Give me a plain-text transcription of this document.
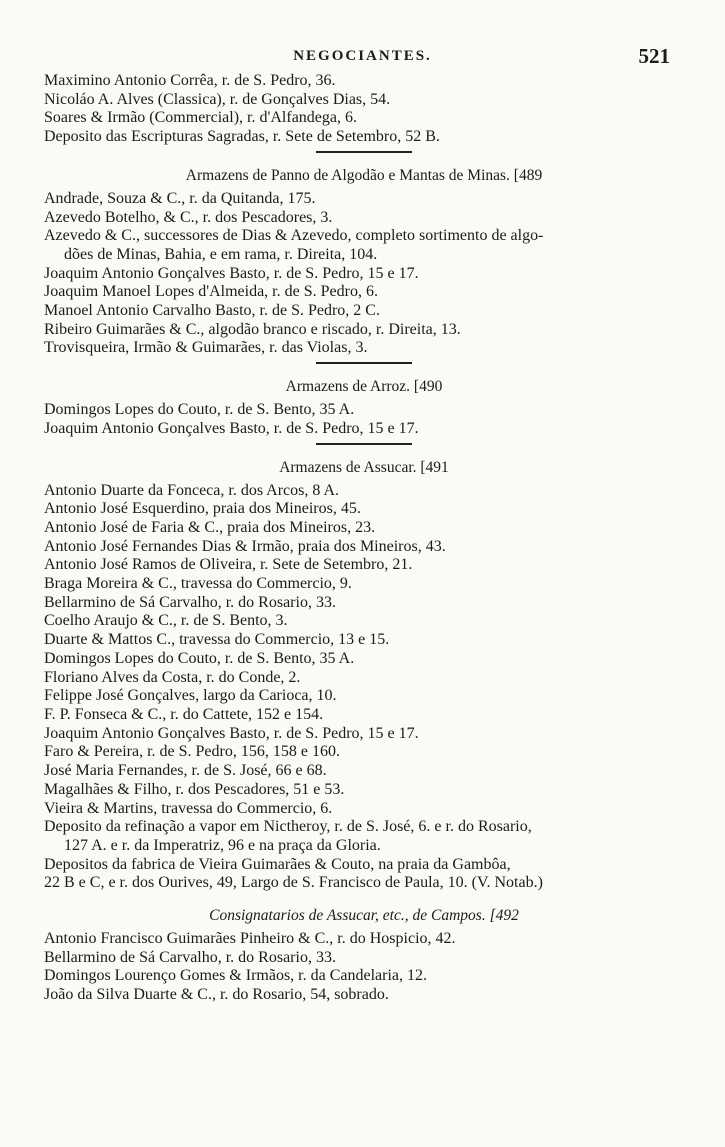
NEGOCIANTES.	521
Maximino Antonio Corrêa, r. de S. Pedro, 36.
Nicoláo A. Alves (Classica), r. de Gonçalves Dias, 54.
Soares & Irmão (Commercial), r. d'Alfandega, 6.
Deposito das Escripturas Sagradas, r. Sete de Setembro, 52 B.
Armazens de Panno de Algodão e Mantas de Minas. [489
Andrade, Souza & C., r. da Quitanda, 175.
Azevedo Botelho, & C., r. dos Pescadores, 3.
Azevedo & C., successores de Dias & Azevedo, completo sortimento de algo-
dões de Minas, Bahia, e em rama, r. Direita, 104.
Joaquim Antonio Gonçalves Basto, r. de S. Pedro, 15 e 17.
Joaquim Manoel Lopes d'Almeida, r. de S. Pedro, 6.
Manoel Antonio Carvalho Basto, r. de S. Pedro, 2 C.
Ribeiro Guimarães & C., algodão branco e riscado, r. Direita, 13.
Trovisqueira, Irmão & Guimarães, r. das Violas, 3.
Armazens de Arroz. [490
Domingos Lopes do Couto, r. de S. Bento, 35 A.
Joaquim Antonio Gonçalves Basto, r. de S. Pedro, 15 e 17.
Armazens de Assucar. [491
Antonio Duarte da Fonceca, r. dos Arcos, 8 A.
Antonio José Esquerdino, praia dos Mineiros, 45.
Antonio José de Faria & C., praia dos Mineiros, 23.
Antonio José Fernandes Dias & Irmão, praia dos Mineiros, 43.
Antonio José Ramos de Oliveira, r. Sete de Setembro, 21.
Braga Moreira & C., travessa do Commercio, 9.
Bellarmino de Sá Carvalho, r. do Rosario, 33.
Coelho Araujo & C., r. de S. Bento, 3.
Duarte & Mattos C., travessa do Commercio, 13 e 15.
Domingos Lopes do Couto, r. de S. Bento, 35 A.
Floriano Alves da Costa, r. do Conde, 2.
Felippe José Gonçalves, largo da Carioca, 10.
F. P. Fonseca & C., r. do Cattete, 152 e 154.
Joaquim Antonio Gonçalves Basto, r. de S. Pedro, 15 e 17.
Faro & Pereira, r. de S. Pedro, 156, 158 e 160.
José Maria Fernandes, r. de S. José, 66 e 68.
Magalhães & Filho, r. dos Pescadores, 51 e 53.
Vieira & Martins, travessa do Commercio, 6.
Deposito da refinação a vapor em Nictheroy, r. de S. José, 6. e r. do Rosario,
127 A. e r. da Imperatriz, 96 e na praça da Gloria.
Depositos da fabrica de Vieira Guimarães & Couto, na praia da Gambôa,
22 B e C, e r. dos Ourives, 49, Largo de S. Francisco de Paula, 10. (V. Notab.)
Consignatarios de Assucar, etc., de Campos. [492
Antonio Francisco Guimarães Pinheiro & C., r. do Hospicio, 42.
Bellarmino de Sá Carvalho, r. do Rosario, 33.
Domingos Lourenço Gomes & Irmãos, r. da Candelaria, 12.
João da Silva Duarte & C., r. do Rosario, 54, sobrado.
